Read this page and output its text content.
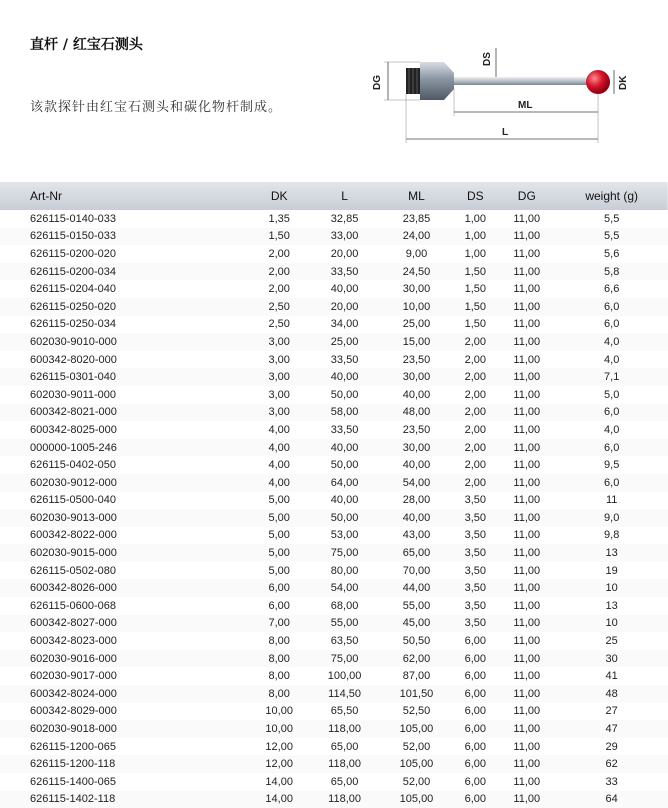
直杆 / 红宝石测头
该款探针由红宝石测头和碳化物杆制成。
DG
DS
DK
ML
L
Art-Nr	DK	L	ML	DS	DG	weight (g)
626115-0140-033	1,35	32,85	23,85	1,00	11,00	5,5
626115-0150-033	1,50	33,00	24,00	1,00	11,00	5,5
626115-0200-020	2,00	20,00	9,00	1,00	11,00	5,6
626115-0200-034	2,00	33,50	24,50	1,50	11,00	5,8
626115-0204-040	2,00	40,00	30,00	1,50	11,00	6,6
626115-0250-020	2,50	20,00	10,00	1,50	11,00	6,0
626115-0250-034	2,50	34,00	25,00	1,50	11,00	6,0
602030-9010-000	3,00	25,00	15,00	2,00	11,00	4,0
600342-8020-000	3,00	33,50	23,50	2,00	11,00	4,0
626115-0301-040	3,00	40,00	30,00	2,00	11,00	7,1
602030-9011-000	3,00	50,00	40,00	2,00	11,00	5,0
600342-8021-000	3,00	58,00	48,00	2,00	11,00	6,0
600342-8025-000	4,00	33,50	23,50	2,00	11,00	4,0
000000-1005-246	4,00	40,00	30,00	2,00	11,00	6,0
626115-0402-050	4,00	50,00	40,00	2,00	11,00	9,5
602030-9012-000	4,00	64,00	54,00	2,00	11,00	6,0
626115-0500-040	5,00	40,00	28,00	3,50	11,00	11
602030-9013-000	5,00	50,00	40,00	3,50	11,00	9,0
600342-8022-000	5,00	53,00	43,00	3,50	11,00	9,8
602030-9015-000	5,00	75,00	65,00	3,50	11,00	13
626115-0502-080	5,00	80,00	70,00	3,50	11,00	19
600342-8026-000	6,00	54,00	44,00	3,50	11,00	10
626115-0600-068	6,00	68,00	55,00	3,50	11,00	13
600342-8027-000	7,00	55,00	45,00	3,50	11,00	10
600342-8023-000	8,00	63,50	50,50	6,00	11,00	25
602030-9016-000	8,00	75,00	62,00	6,00	11,00	30
602030-9017-000	8,00	100,00	87,00	6,00	11,00	41
600342-8024-000	8,00	114,50	101,50	6,00	11,00	48
600342-8029-000	10,00	65,50	52,50	6,00	11,00	27
602030-9018-000	10,00	118,00	105,00	6,00	11,00	47
626115-1200-065	12,00	65,00	52,00	6,00	11,00	29
626115-1200-118	12,00	118,00	105,00	6,00	11,00	62
626115-1400-065	14,00	65,00	52,00	6,00	11,00	33
626115-1402-118	14,00	118,00	105,00	6,00	11,00	64
